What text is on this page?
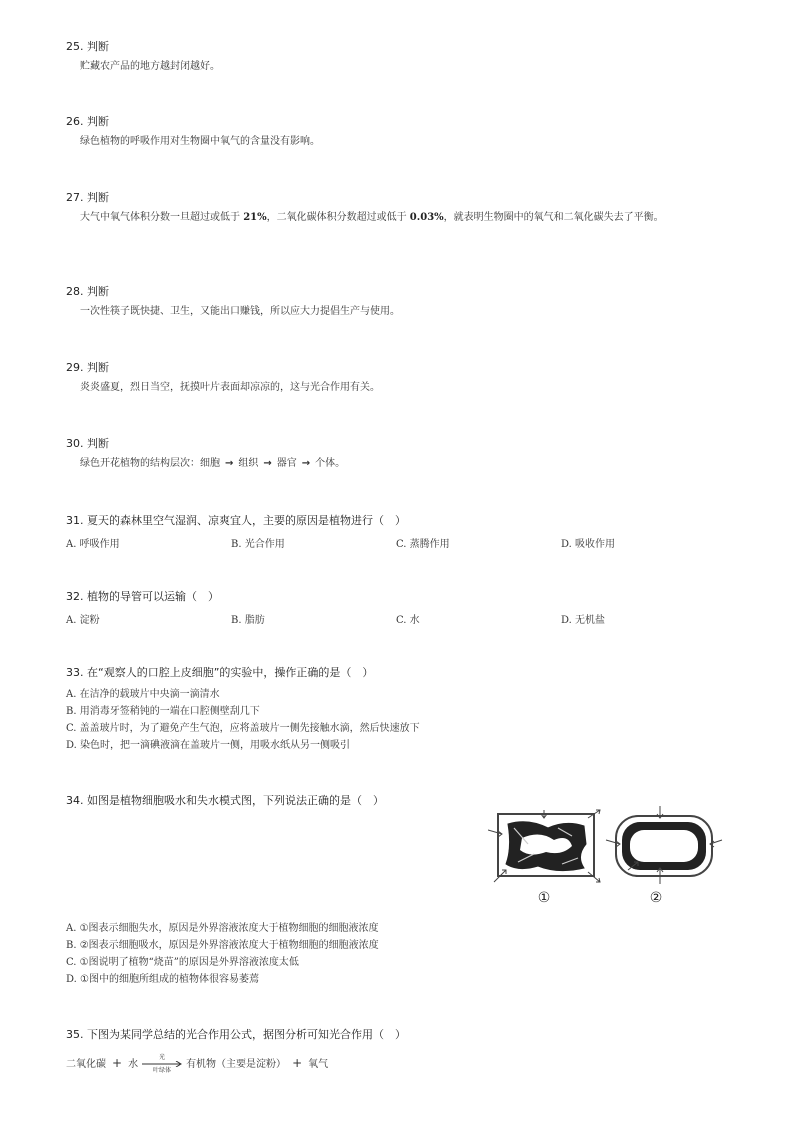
25. 判断
贮藏农产品的地方越封闭越好。
26. 判断
绿色植物的呼吸作用对生物圈中氧气的含量没有影响。
27. 判断
大气中氧气体积分数一旦超过或低于 21%，二氧化碳体积分数超过或低于 0.03%，就表明生物圈中的氧气和二氧化碳失去了平衡。
28. 判断
一次性筷子既快捷、卫生，又能出口赚钱，所以应大力提倡生产与使用。
29. 判断
炎炎盛夏，烈日当空，抚摸叶片表面却凉凉的，这与光合作用有关。
30. 判断
绿色开花植物的结构层次：细胞 → 组织 → 器官 → 个体。
31. 夏天的森林里空气湿润、凉爽宜人，主要的原因是植物进行（　）
A. 呼吸作用	B. 光合作用	C. 蒸腾作用	D. 吸收作用
32. 植物的导管可以运输（　）
A. 淀粉	B. 脂肪	C. 水	D. 无机盐
33. 在“观察人的口腔上皮细胞”的实验中，操作正确的是（　）
A. 在洁净的载玻片中央滴一滴清水
B. 用消毒牙签稍钝的一端在口腔侧壁刮几下
C. 盖盖玻片时，为了避免产生气泡，应将盖玻片一侧先接触水滴，然后快速放下
D. 染色时，把一滴碘液滴在盖玻片一侧，用吸水纸从另一侧吸引
34. 如图是植物细胞吸水和失水模式图，下列说法正确的是（　）
A. ①图表示细胞失水，原因是外界溶液浓度大于植物细胞的细胞液浓度
B. ②图表示细胞吸水，原因是外界溶液浓度大于植物细胞的细胞液浓度
C. ①图说明了植物“烧苗”的原因是外界溶液浓度太低
D. ①图中的细胞所组成的植物体很容易萎蔫
①	②
35. 下图为某同学总结的光合作用公式，据图分析可知光合作用（　）
二氧化碳 + 水
光
叶绿体
有机物（主要是淀粉） + 氧气
